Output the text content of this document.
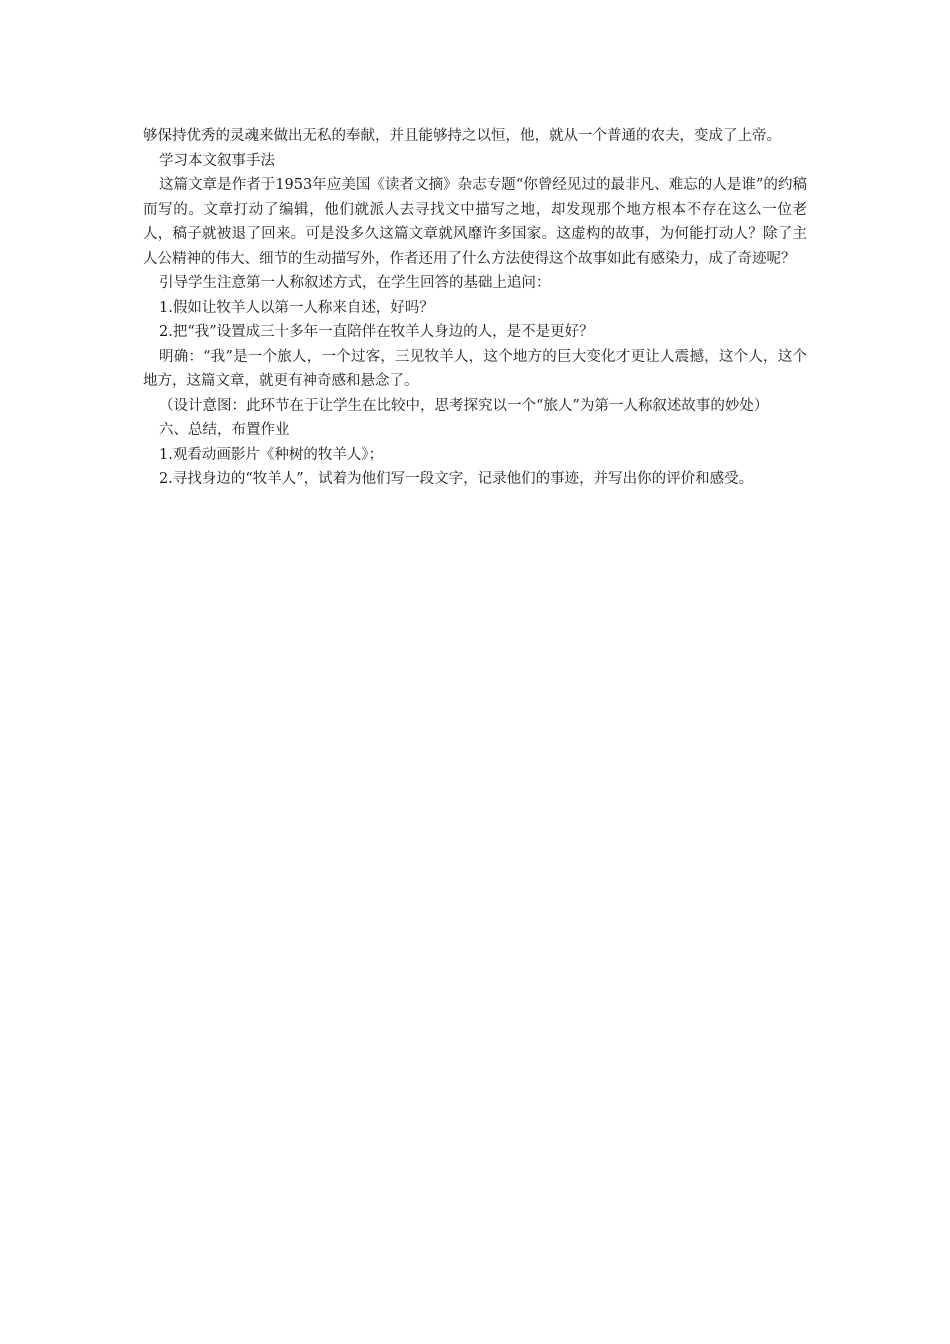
够保持优秀的灵魂来做出无私的奉献，并且能够持之以恒，他，就从一个普通的农夫，变成了上帝。

学习本文叙事手法

这篇文章是作者于1953年应美国《读者文摘》杂志专题“你曾经见过的最非凡、难忘的人是谁”的约稿而写的。文章打动了编辑，他们就派人去寻找文中描写之地，却发现那个地方根本不存在这么一位老人，稿子就被退了回来。可是没多久这篇文章就风靡许多国家。这虚构的故事，为何能打动人？除了主人公精神的伟大、细节的生动描写外，作者还用了什么方法使得这个故事如此有感染力，成了奇迹呢？

引导学生注意第一人称叙述方式，在学生回答的基础上追问：

1.假如让牧羊人以第一人称来自述，好吗？

2.把“我”设置成三十多年一直陪伴在牧羊人身边的人，是不是更好？

明确：“我”是一个旅人，一个过客，三见牧羊人，这个地方的巨大变化才更让人震撼，这个人，这个地方，这篇文章，就更有神奇感和悬念了。

（设计意图：此环节在于让学生在比较中，思考探究以一个“旅人”为第一人称叙述故事的妙处）

六、总结，布置作业

1.观看动画影片《种树的牧羊人》；

2.寻找身边的“牧羊人”，试着为他们写一段文字，记录他们的事迹，并写出你的评价和感受。
